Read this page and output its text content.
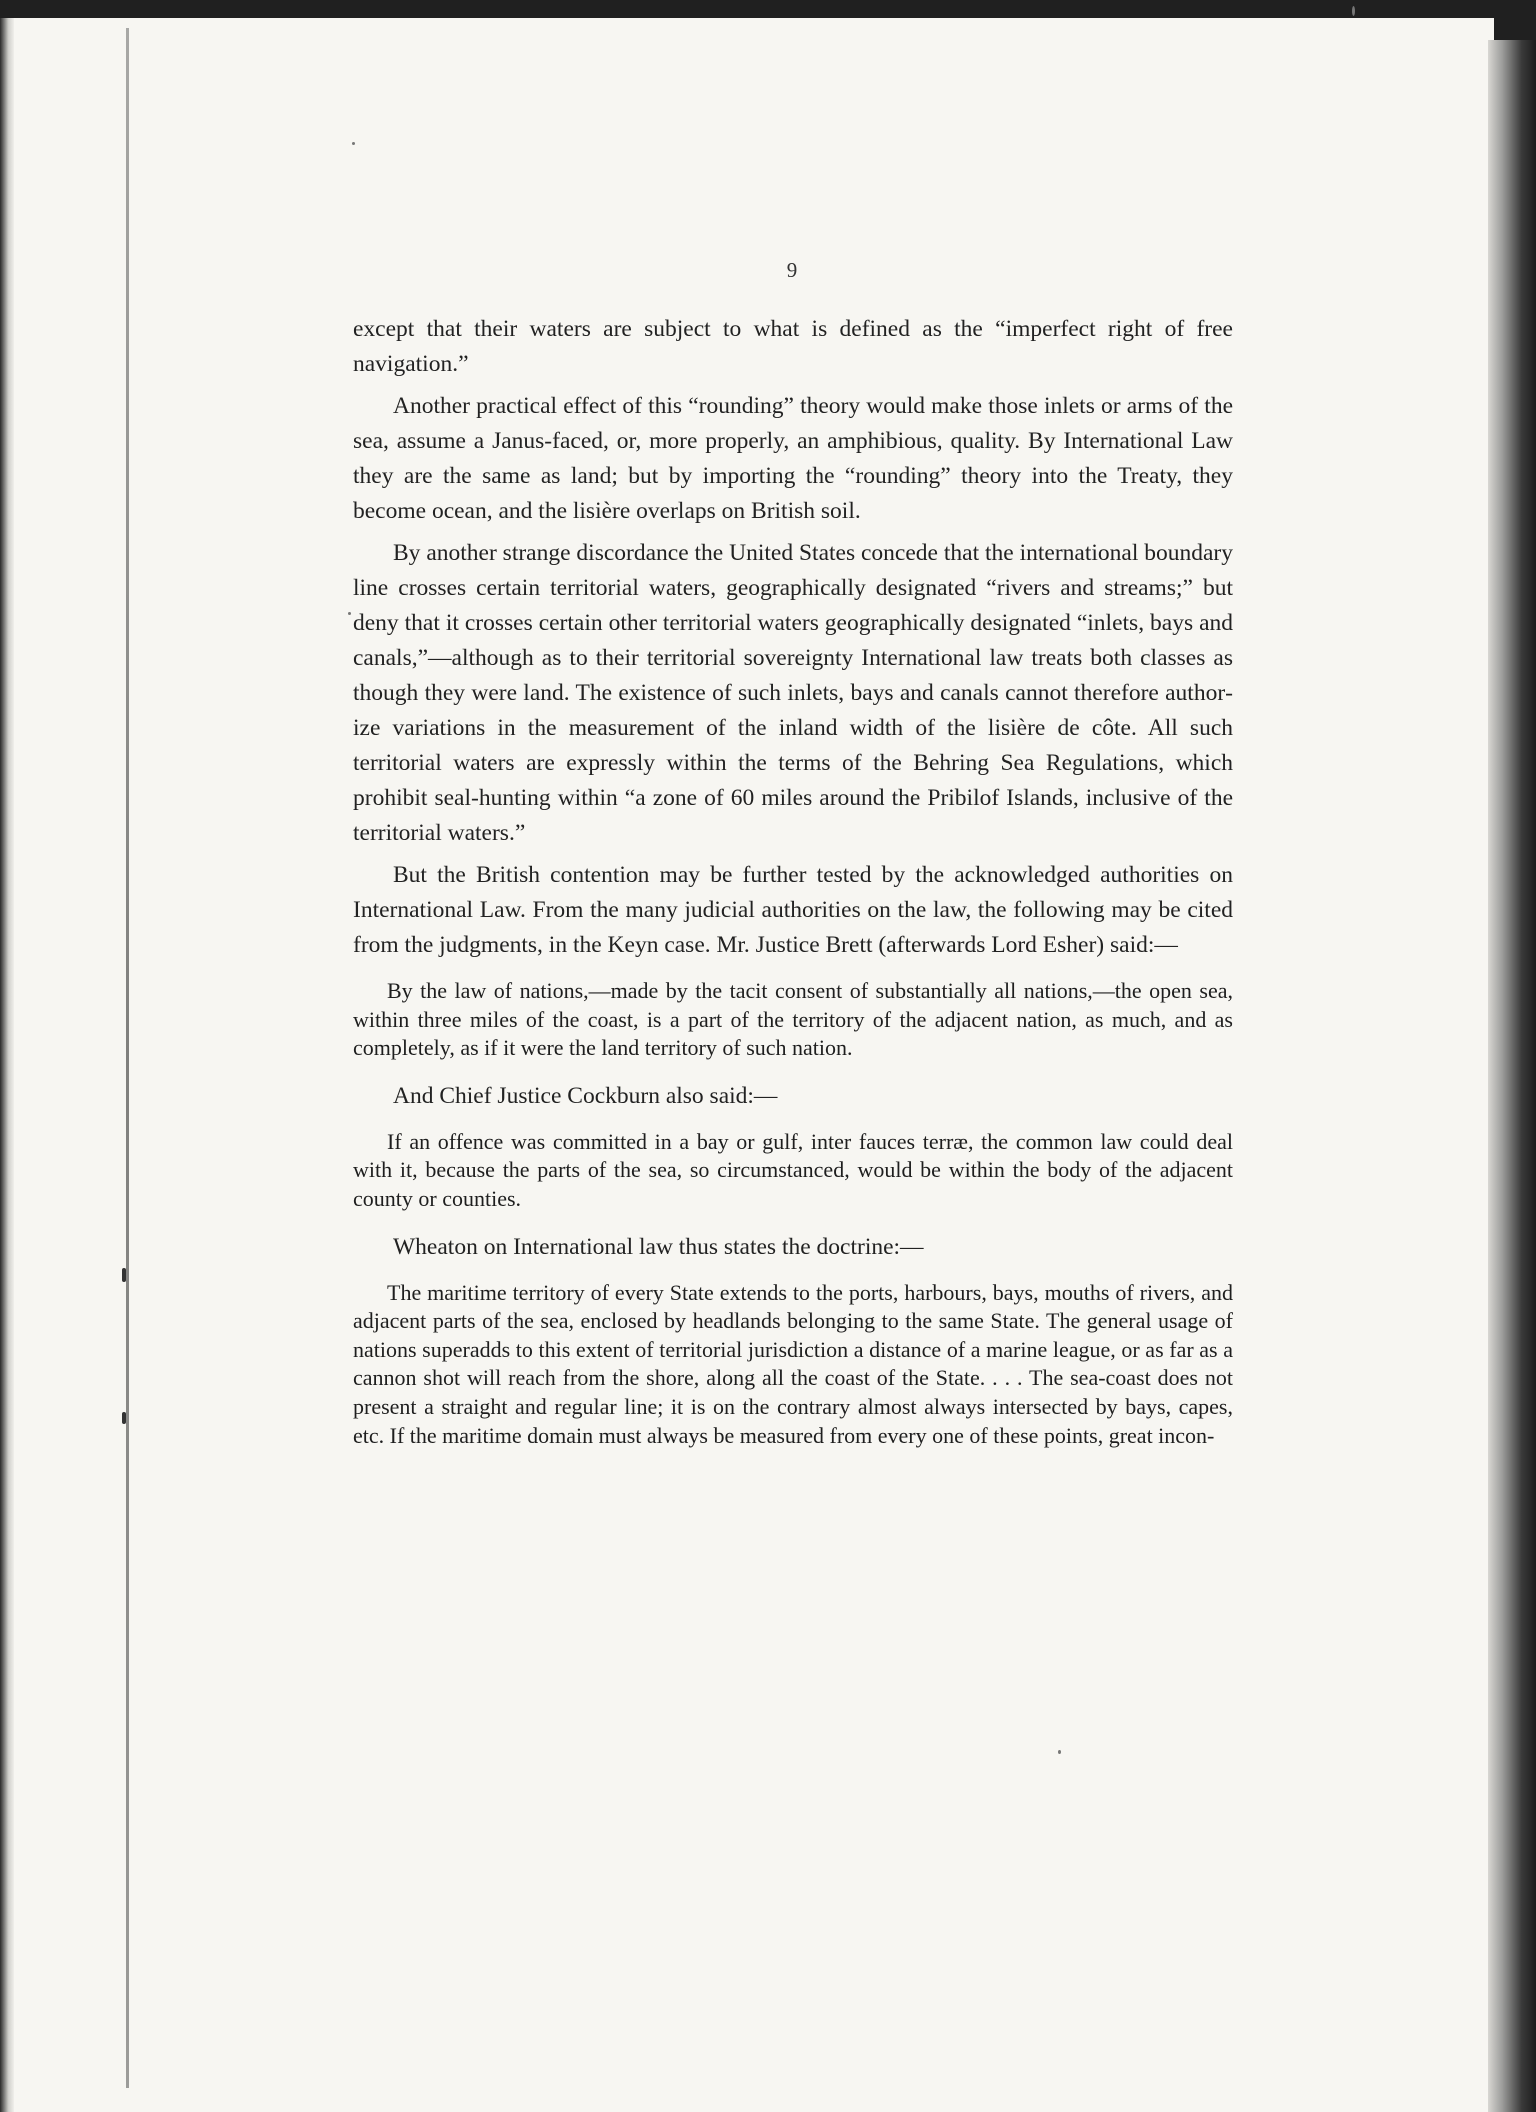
9

except that their waters are subject to what is defined as the “imperfect right of free navigation.”

Another practical effect of this “rounding” theory would make those inlets or arms of the sea, assume a Janus-faced, or, more properly, an amphibious, quality. By International Law they are the same as land; but by importing the “rounding” theory into the Treaty, they become ocean, and the lisière overlaps on British soil.

By another strange discordance the United States concede that the international boundary line crosses certain territorial waters, geographically designated “rivers and streams;” but deny that it crosses certain other territorial waters geographically designated “inlets, bays and canals,”—although as to their territorial sovereignty International law treats both classes as though they were land. The existence of such inlets, bays and canals cannot therefore authorize variations in the measurement of the inland width of the lisière de côte. All such territorial waters are expressly within the terms of the Behring Sea Regulations, which prohibit seal-hunting within “a zone of 60 miles around the Pribilof Islands, inclusive of the territorial waters.”

But the British contention may be further tested by the acknowledged authorities on International Law. From the many judicial authorities on the law, the following may be cited from the judgments, in the Keyn case. Mr. Justice Brett (afterwards Lord Esher) said:—

By the law of nations,—made by the tacit consent of substantially all nations,—the open sea, within three miles of the coast, is a part of the territory of the adjacent nation, as much, and as completely, as if it were the land territory of such nation.

And Chief Justice Cockburn also said:—

If an offence was committed in a bay or gulf, inter fauces terræ, the common law could deal with it, because the parts of the sea, so circumstanced, would be within the body of the adjacent county or counties.

Wheaton on International law thus states the doctrine:—

The maritime territory of every State extends to the ports, harbours, bays, mouths of rivers, and adjacent parts of the sea, enclosed by headlands belonging to the same State. The general usage of nations superadds to this extent of territorial jurisdiction a distance of a marine league, or as far as a cannon shot will reach from the shore, along all the coast of the State. . . . The sea-coast does not present a straight and regular line; it is on the contrary almost always intersected by bays, capes, etc. If the maritime domain must always be measured from every one of these points, great incon-
